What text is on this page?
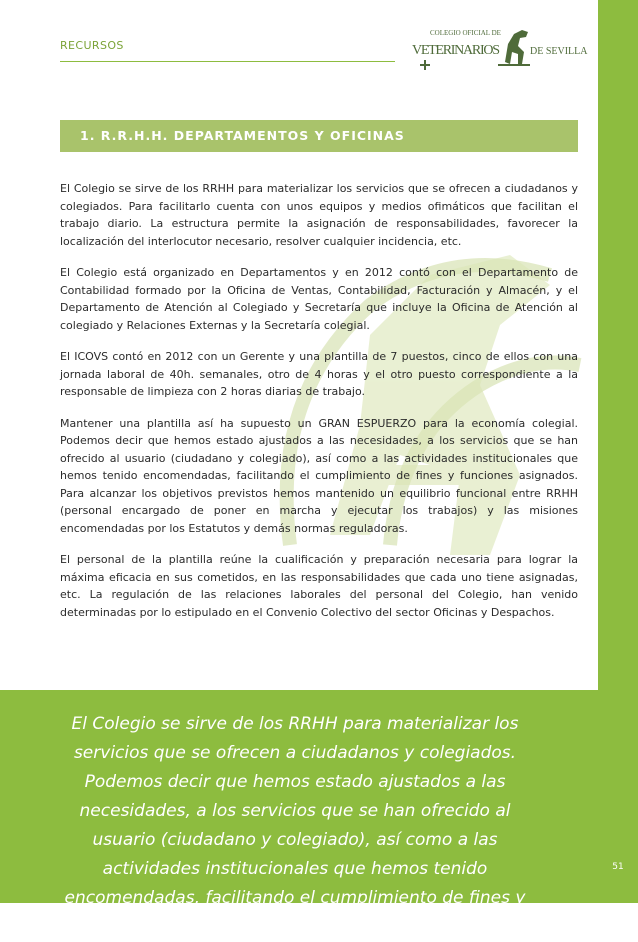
51
RECURSOS
COLEGIO OFICIAL DE
VETERINARIOS	DE SEVILLA
1. R.R.H.H. DEPARTAMENTOS Y OFICINAS

El Colegio se sirve de los RRHH para materializar los servicios que se ofrecen a ciudadanos y colegiados. Para facilitarlo cuenta con unos equipos y medios ofimáticos que facilitan el trabajo diario. La estructura permite la asignación de responsabilidades, favorecer la localización del interlocutor necesario, resolver cualquier incidencia, etc.

El Colegio está organizado en Departamentos y en 2012 contó con el Departamento de Contabilidad formado por la Oficina de Ventas, Contabilidad, Facturación y Almacén, y el Departamento de Atención al Colegiado y Secretaría que incluye la Oficina de Atención al colegiado y Relaciones Externas y la Secretaría colegial.

El ICOVS contó en 2012 con un Gerente y una plantilla de 7 puestos, cinco de ellos con una jornada laboral de 40h. semanales, otro de 4 horas y el otro puesto correspondiente a la responsable de limpieza con 2 horas diarias de trabajo.

Mantener una plantilla así ha supuesto un GRAN ESPUERZO para la economía colegial. Podemos decir que hemos estado ajustados a las necesidades, a los servicios que se han ofrecido al usuario (ciudadano y colegiado), así como a las actividades institucionales que hemos tenido encomendadas, facilitando el cumplimiento de fines y funciones asignados. Para alcanzar los objetivos previstos hemos mantenido un equilibrio funcional entre RRHH (personal encargado de poner en marcha y ejecutar los trabajos) y las misiones encomendadas por los Estatutos y demás normas reguladoras.

El personal de la plantilla reúne la cualificación y preparación necesaria para lograr la máxima eficacia en sus cometidos, en las responsabilidades que cada uno tiene asignadas, etc. La regulación de las relaciones laborales del personal del Colegio, han venido determinadas por lo estipulado en el Convenio Colectivo del sector Oficinas y Despachos.

El Colegio se sirve de los RRHH para materializar los servicios que se ofrecen a ciudadanos y colegiados. Podemos decir que hemos estado ajustados a las necesidades, a los servicios que se han ofrecido al usuario (ciudadano y colegiado), así como a las actividades institucionales que hemos tenido encomendadas, facilitando el cumplimiento de fines y funciones asignados.
